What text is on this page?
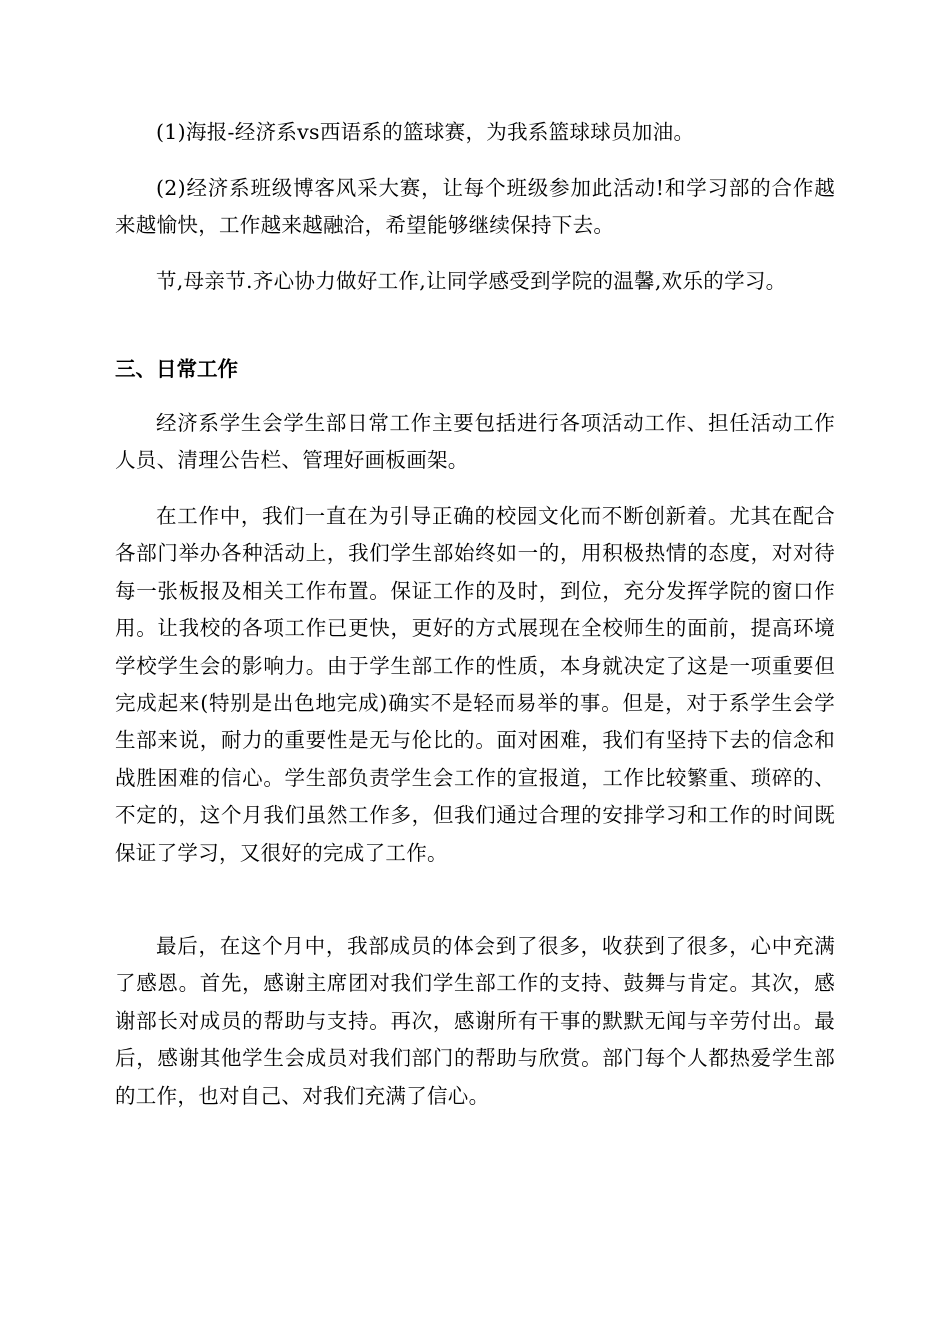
(1)海报-经济系vs西语系的篮球赛，为我系篮球球员加油。

(2)经济系班级博客风采大赛，让每个班级参加此活动!和学习部的合作越来越愉快，工作越来越融洽，希望能够继续保持下去。

节,母亲节.齐心协力做好工作,让同学感受到学院的温馨,欢乐的学习。

三、日常工作

经济系学生会学生部日常工作主要包括进行各项活动工作、担任活动工作人员、清理公告栏、管理好画板画架。

在工作中，我们一直在为引导正确的校园文化而不断创新着。尤其在配合各部门举办各种活动上，我们学生部始终如一的，用积极热情的态度，对对待每一张板报及相关工作布置。保证工作的及时，到位，充分发挥学院的窗口作用。让我校的各项工作已更快，更好的方式展现在全校师生的面前，提高环境学校学生会的影响力。由于学生部工作的性质，本身就决定了这是一项重要但完成起来(特别是出色地完成)确实不是轻而易举的事。但是，对于系学生会学生部来说，耐力的重要性是无与伦比的。面对困难，我们有坚持下去的信念和战胜困难的信心。学生部负责学生会工作的宣报道，工作比较繁重、琐碎的、不定的，这个月我们虽然工作多，但我们通过合理的安排学习和工作的时间既保证了学习，又很好的完成了工作。

最后，在这个月中，我部成员的体会到了很多，收获到了很多，心中充满了感恩。首先，感谢主席团对我们学生部工作的支持、鼓舞与肯定。其次，感谢部长对成员的帮助与支持。再次，感谢所有干事的默默无闻与辛劳付出。最后，感谢其他学生会成员对我们部门的帮助与欣赏。部门每个人都热爱学生部的工作，也对自己、对我们充满了信心。
